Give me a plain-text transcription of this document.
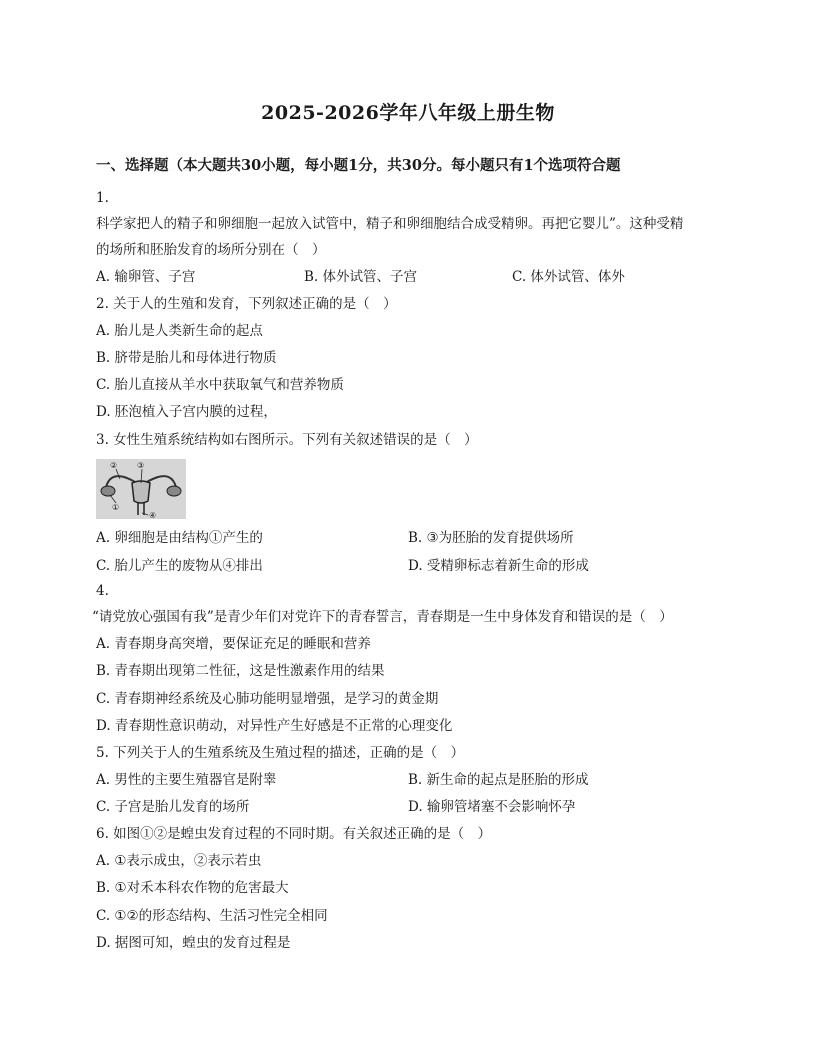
2025-2026学年八年级上册生物
一、选择题（本大题共30小题，每小题1分，共30分。每小题只有1个选项符合题
1.
科学家把人的精子和卵细胞一起放入试管中，精子和卵细胞结合成受精卵。再把它婴儿”。这种受精
的场所和胚胎发育的场所分别在（　）
A. 输卵管、子宫	B. 体外试管、子宫	C. 体外试管、体外
2. 关于人的生殖和发育，下列叙述正确的是（　）
A. 胎儿是人类新生命的起点
B. 脐带是胎儿和母体进行物质
C. 胎儿直接从羊水中获取氧气和营养物质
D. 胚泡植入子宫内膜的过程，
3. 女性生殖系统结构如右图所示。下列有关叙述错误的是（　）
② ③
①
④
A. 卵细胞是由结构①产生的	B. ③为胚胎的发育提供场所
C. 胎儿产生的废物从④排出	D. 受精卵标志着新生命的形成
4.
“请党放心强国有我”是青少年们对党许下的青春誓言，青春期是一生中身体发育和错误的是（　）
A. 青春期身高突增，要保证充足的睡眠和营养
B. 青春期出现第二性征，这是性激素作用的结果
C. 青春期神经系统及心肺功能明显增强，是学习的黄金期
D. 青春期性意识萌动，对异性产生好感是不正常的心理变化
5. 下列关于人的生殖系统及生殖过程的描述，正确的是（　）
A. 男性的主要生殖器官是附睾	B. 新生命的起点是胚胎的形成
C. 子宫是胎儿发育的场所	D. 输卵管堵塞不会影响怀孕
6. 如图①②是蝗虫发育过程的不同时期。有关叙述正确的是（　）
A. ①表示成虫，②表示若虫
B. ①对禾本科农作物的危害最大
C. ①②的形态结构、生活习性完全相同
D. 据图可知，蝗虫的发育过程是
